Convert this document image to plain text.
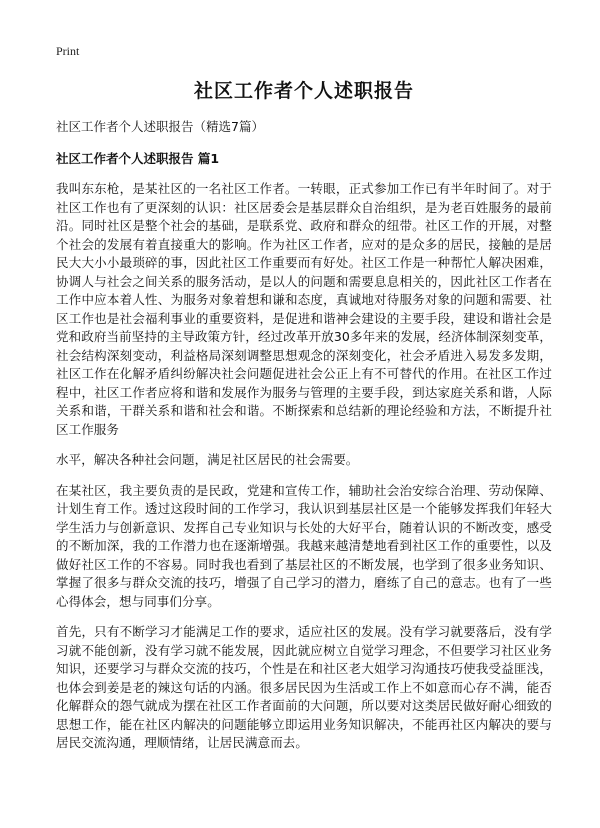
Print
社区工作者个人述职报告
社区工作者个人述职报告（精选7篇）
社区工作者个人述职报告 篇1
我叫东东枪，是某社区的一名社区工作者。一转眼，正式参加工作已有半年时间了。对于社区工作也有了更深刻的认识：社区居委会是基层群众自治组织，是为老百姓服务的最前沿。同时社区是整个社会的基础，是联系党、政府和群众的纽带。社区工作的开展，对整个社会的发展有着直接重大的影响。作为社区工作者，应对的是众多的居民，接触的是居民大大小小最琐碎的事，因此社区工作重要而有好处。社区工作是一种帮忙人解决困难，协调人与社会之间关系的服务活动，是以人的问题和需要息息相关的，因此社区工作者在工作中应本着人性、为服务对象着想和谦和态度，真诚地对待服务对象的问题和需要、社区工作也是社会福利事业的重要资料，是促进和谐神会建设的主要手段，建设和谐社会是党和政府当前坚持的主导政策方针，经过改革开放30多年来的发展，经济体制深刻变革，社会结构深刻变动，利益格局深刻调整思想观念的深刻变化，社会矛盾进入易发多发期，社区工作在化解矛盾纠纷解决社会问题促进社会公正上有不可替代的作用。在社区工作过程中，社区工作者应将和谐和发展作为服务与管理的主要手段，到达家庭关系和谐，人际关系和谐，干群关系和谐和社会和谐。不断探索和总结新的理论经验和方法，不断提升社区工作服务
水平，解决各种社会问题，满足社区居民的社会需要。
在某社区，我主要负责的是民政，党建和宣传工作，辅助社会治安综合治理、劳动保障、计划生育工作。透过这段时间的工作学习，我认识到基层社区是一个能够发挥我们年轻大学生活力与创新意识、发挥自己专业知识与长处的大好平台，随着认识的不断改变，感受的不断加深，我的工作潜力也在逐渐增强。我越来越清楚地看到社区工作的重要性，以及做好社区工作的不容易。同时我也看到了基层社区的不断发展，也学到了很多业务知识、掌握了很多与群众交流的技巧，增强了自己学习的潜力，磨练了自己的意志。也有了一些心得体会，想与同事们分享。
首先，只有不断学习才能满足工作的要求，适应社区的发展。没有学习就要落后，没有学习就不能创新，没有学习就不能发展，因此就应树立自觉学习理念，不但要学习社区业务知识，还要学习与群众交流的技巧，个性是在和社区老大姐学习沟通技巧使我受益匪浅，也体会到姜是老的辣这句话的内涵。很多居民因为生活或工作上不如意而心存不满，能否化解群众的怨气就成为摆在社区工作者面前的大问题，所以要对这类居民做好耐心细致的思想工作，能在社区内解决的问题能够立即运用业务知识解决，不能再社区内解决的要与居民交流沟通，理顺情绪，让居民满意而去。
